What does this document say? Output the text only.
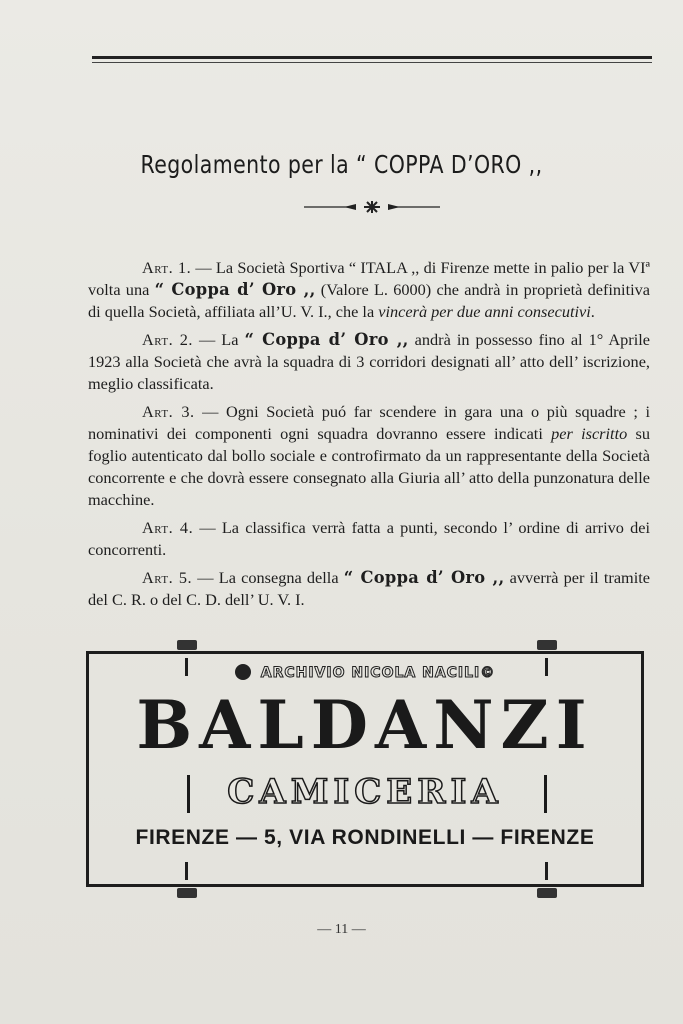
Regolamento per la “ COPPA D’ORO ,,

Art. 1. — La Società Sportiva “ ITALA ,, di Firenze mette in palio per la VIª volta una “ Coppa d’ Oro ,, (Valore L. 6000) che andrà in proprietà definitiva di quella Società, affiliata all’U. V. I., che la vincerà per due anni consecutivi.

Art. 2. — La “ Coppa d’ Oro ,, andrà in possesso fino al 1° Aprile 1923 alla Società che avrà la squadra di 3 corridori designati all’ atto dell’ iscrizione, meglio classificata.

Art. 3. — Ogni Società puó far scendere in gara una o più squadre ; i nominativi dei componenti ogni squadra dovranno essere indicati per iscritto su foglio autenticato dal bollo sociale e controfirmato da un rappresentante della Società concorrente e che dovrà essere consegnato alla Giuria all’ atto della punzonatura delle macchine.

Art. 4. — La classifica verrà fatta a punti, secondo l’ ordine di arrivo dei concorrenti.

Art. 5. — La consegna della “ Coppa d’ Oro ,, avverrà per il tramite del C. R. o del C. D. dell’ U. V. I.

ARCHIVIO NICOLA NACILI©
BALDANZI
CAMICERIA
FIRENZE — 5, VIA RONDINELLI — FIRENZE
— 11 —
